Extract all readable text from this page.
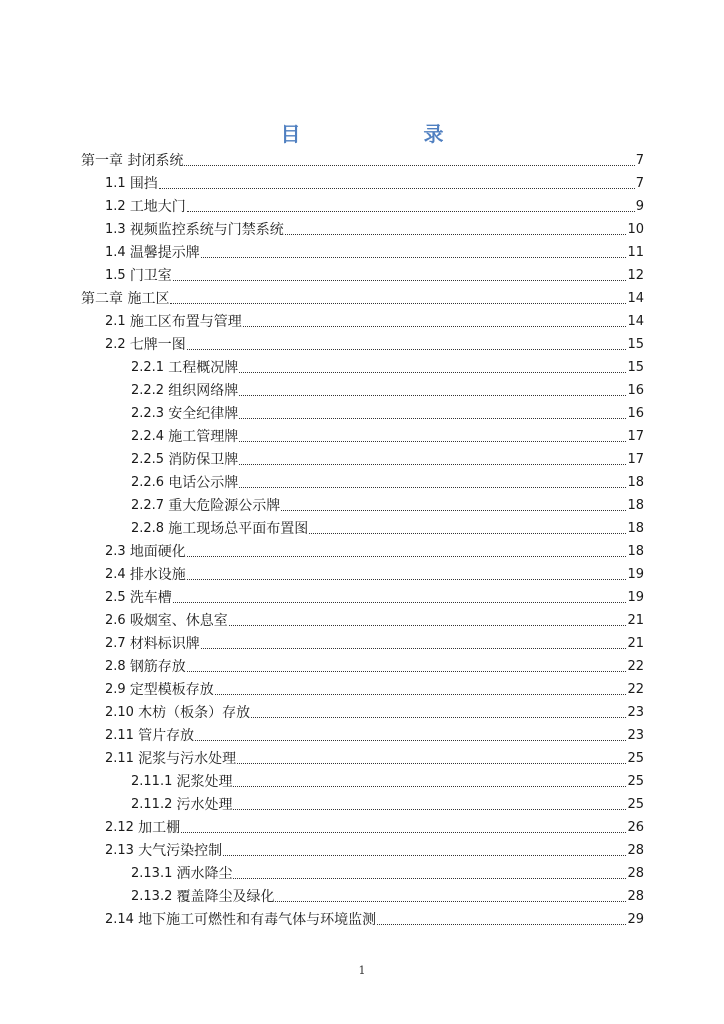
目 录
第一章 封闭系统	7
1.1 围挡	7
1.2 工地大门	9
1.3 视频监控系统与门禁系统	10
1.4 温馨提示牌	11
1.5 门卫室	12
第二章 施工区	14
2.1 施工区布置与管理	14
2.2 七牌一图	15
2.2.1 工程概况牌	15
2.2.2 组织网络牌	16
2.2.3 安全纪律牌	16
2.2.4 施工管理牌	17
2.2.5 消防保卫牌	17
2.2.6 电话公示牌	18
2.2.7 重大危险源公示牌	18
2.2.8 施工现场总平面布置图	18
2.3 地面硬化	18
2.4 排水设施	19
2.5 洗车槽	19
2.6 吸烟室、休息室	21
2.7 材料标识牌	21
2.8 钢筋存放	22
2.9 定型模板存放	22
2.10 木枋（板条）存放	23
2.11 管片存放	23
2.11 泥浆与污水处理	25
2.11.1 泥浆处理	25
2.11.2 污水处理	25
2.12 加工棚	26
2.13 大气污染控制	28
2.13.1 洒水降尘	28
2.13.2 覆盖降尘及绿化	28
2.14 地下施工可燃性和有毒气体与环境监测	29
1
